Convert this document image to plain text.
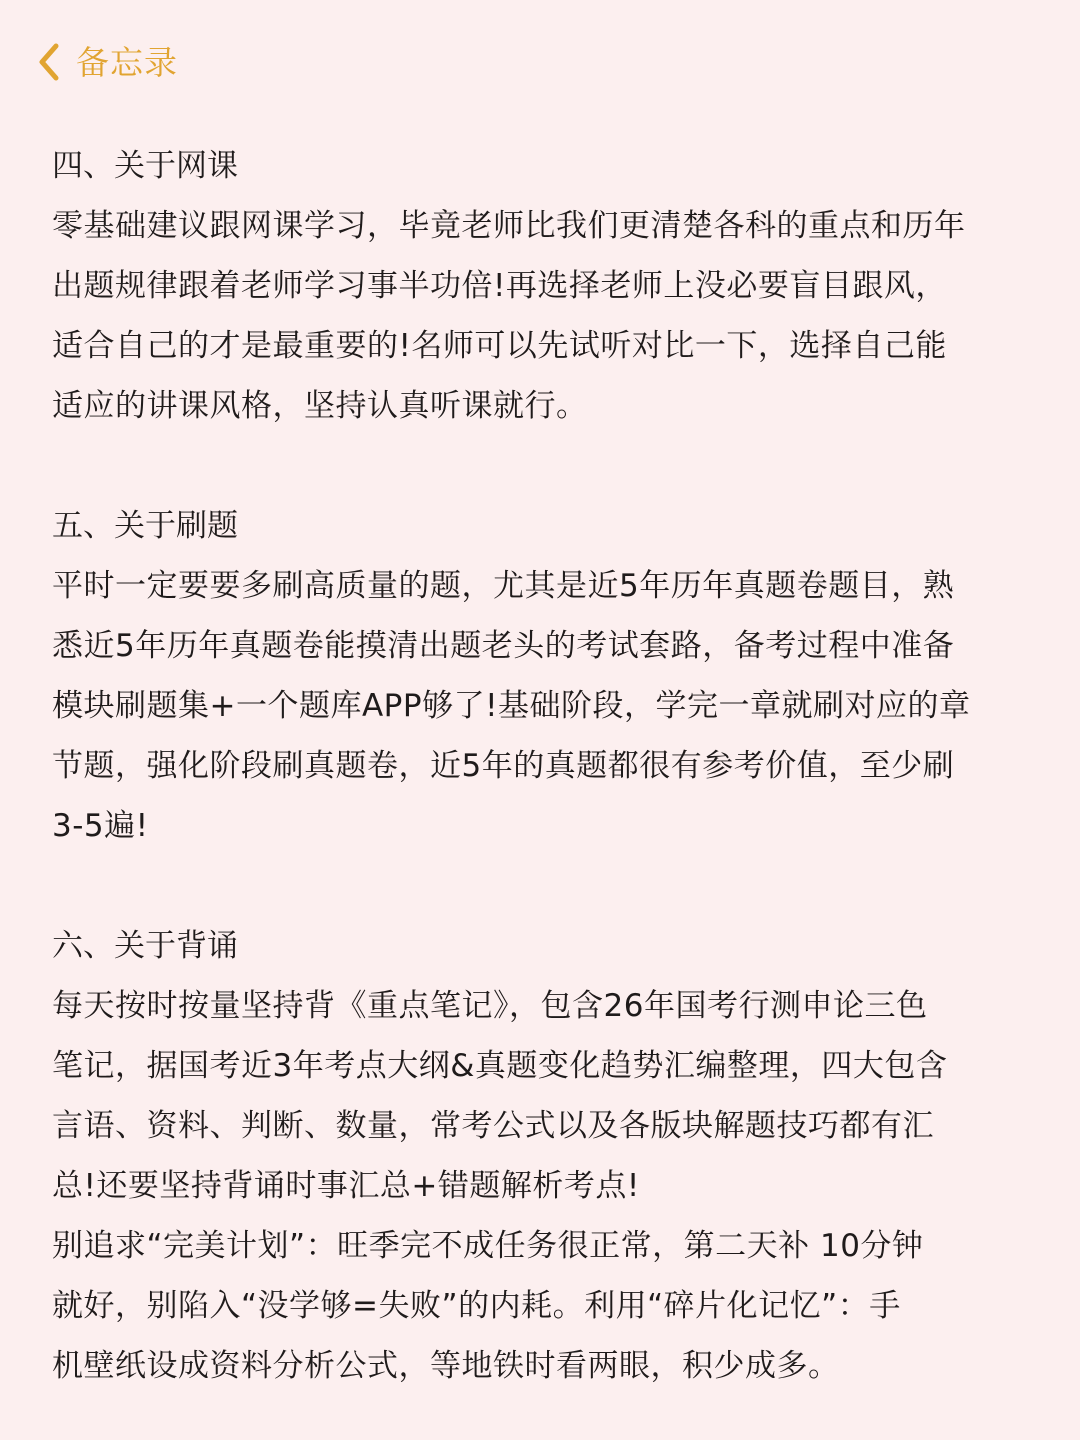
备忘录

四、关于网课

零基础建议跟网课学习，毕竟老师比我们更清楚各科的重点和历年

出题规律跟着老师学习事半功倍!再选择老师上没必要盲目跟风，

适合自己的才是最重要的!名师可以先试听对比一下，选择自己能

适应的讲课风格，坚持认真听课就行。

五、关于刷题

平时一定要要多刷高质量的题，尤其是近5年历年真题卷题目，熟

悉近5年历年真题卷能摸清出题老头的考试套路，备考过程中准备

模块刷题集+一个题库APP够了!基础阶段，学完一章就刷对应的章

节题，强化阶段刷真题卷，近5年的真题都很有参考价值，至少刷

3-5遍!

六、关于背诵

每天按时按量坚持背《重点笔记》，包含26年国考行测申论三色

笔记，据国考近3年考点大纲&真题变化趋势汇编整理，四大包含

言语、资料、判断、数量，常考公式以及各版块解题技巧都有汇

总!还要坚持背诵时事汇总+错题解析考点!

别追求“完美计划”：旺季完不成任务很正常，第二天补 10分钟

就好，别陷入“没学够=失败”的内耗。利用“碎片化记忆”：手

机壁纸设成资料分析公式，等地铁时看两眼，积少成多。
